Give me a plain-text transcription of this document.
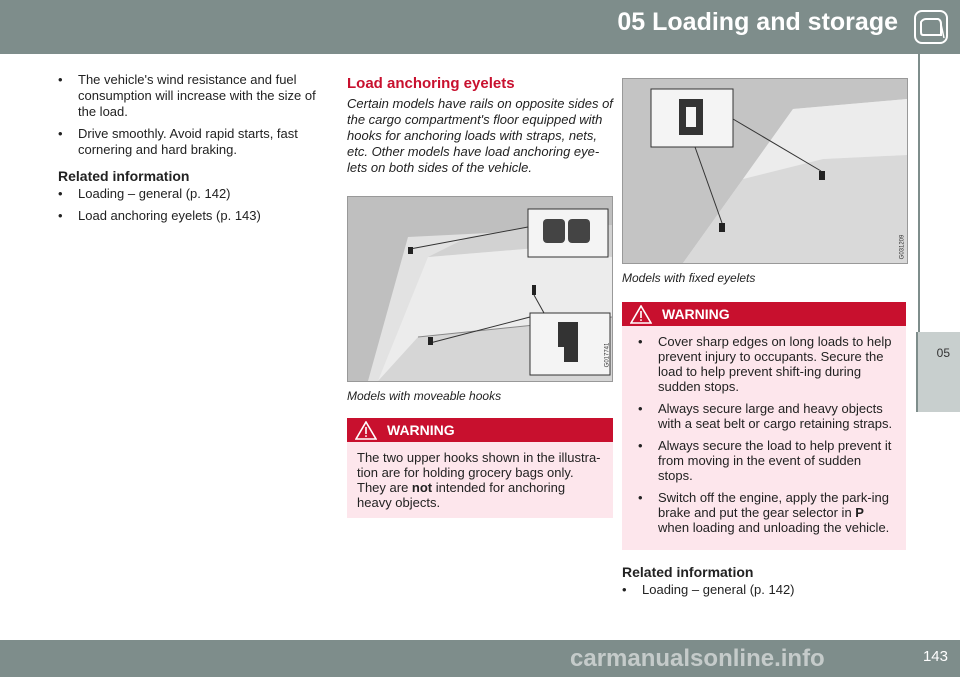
05 Loading and storage
05
• The vehicle's wind resistance and fuel consumption will increase with the size of the load.
• Drive smoothly. Avoid rapid starts, fast cornering and hard braking.
Related information
• Loading – general (p. 142)
• Load anchoring eyelets (p. 143)
Load anchoring eyelets
Certain models have rails on opposite sides of the cargo compartment's floor equipped with hooks for anchoring loads with straps, nets, etc. Other models have load anchoring eye-lets on both sides of the vehicle.
G017741
Models with moveable hooks
WARNING
The two upper hooks shown in the illustra-tion are for holding grocery bags only. They are not intended for anchoring heavy objects.
G031209
Models with fixed eyelets
WARNING
• Cover sharp edges on long loads to help prevent injury to occupants. Secure the load to help prevent shift-ing during sudden stops.
• Always secure large and heavy objects with a seat belt or cargo retaining straps.
• Always secure the load to help prevent it from moving in the event of sudden stops.
• Switch off the engine, apply the park-ing brake and put the gear selector in P when loading and unloading the vehicle.
Related information
• Loading – general (p. 142)
carmanualsonline.info	143
